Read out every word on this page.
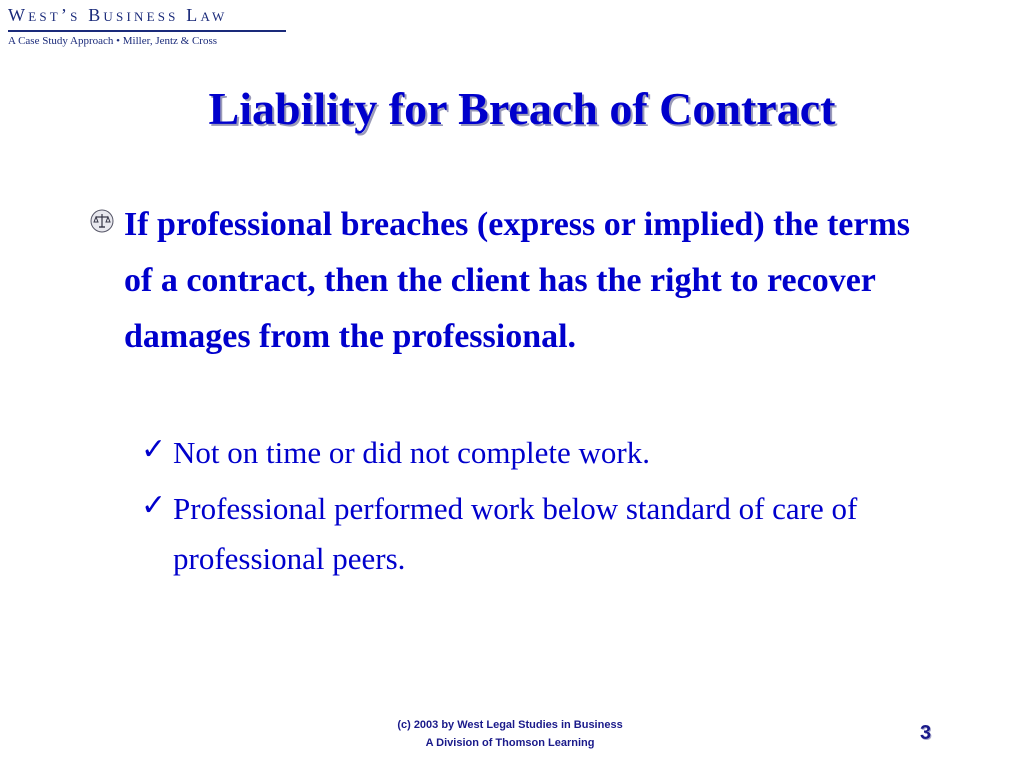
West’s Business Law
A Case Study Approach • Miller, Jentz & Cross
Liability for Breach of Contract
If professional breaches (express or implied) the terms of a contract, then the client has the right to recover damages from the professional.
✓ Not on time or did not complete work.
✓ Professional performed work below standard of care of professional peers.
(c) 2003 by West Legal Studies in Business
A Division of Thomson Learning	3
